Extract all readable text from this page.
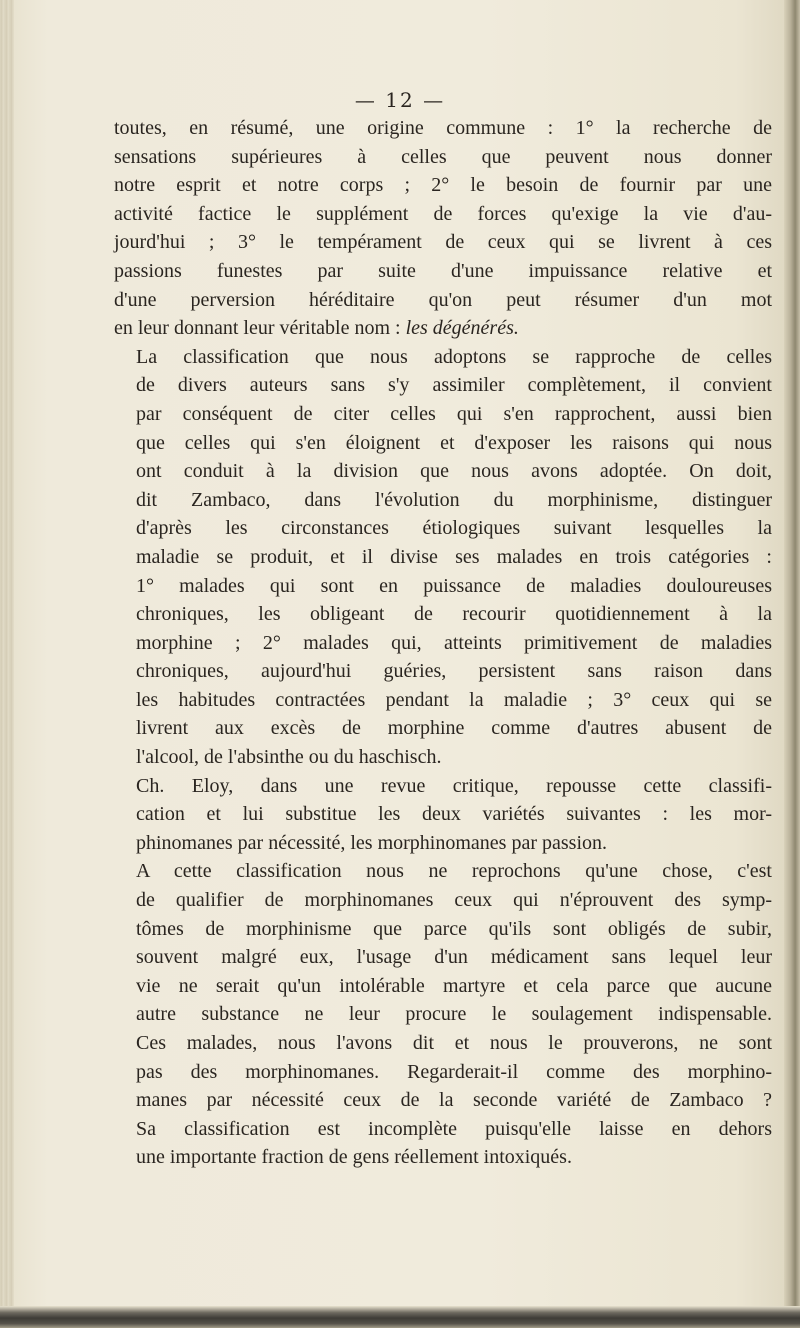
— 12 —

toutes, en résumé, une origine commune : 1° la recherche de
sensations supérieures à celles que peuvent nous donner
notre esprit et notre corps ; 2° le besoin de fournir par une
activité factice le supplément de forces qu'exige la vie d'au-
jourd'hui ; 3° le tempérament de ceux qui se livrent à ces
passions funestes par suite d'une impuissance relative et
d'une perversion héréditaire qu'on peut résumer d'un mot
en leur donnant leur véritable nom : les dégénérés.

La classification que nous adoptons se rapproche de celles
de divers auteurs sans s'y assimiler complètement, il convient
par conséquent de citer celles qui s'en rapprochent, aussi bien
que celles qui s'en éloignent et d'exposer les raisons qui nous
ont conduit à la division que nous avons adoptée. On doit,
dit Zambaco, dans l'évolution du morphinisme, distinguer
d'après les circonstances étiologiques suivant lesquelles la
maladie se produit, et il divise ses malades en trois catégories :
1° malades qui sont en puissance de maladies douloureuses
chroniques, les obligeant de recourir quotidiennement à la
morphine ; 2° malades qui, atteints primitivement de maladies
chroniques, aujourd'hui guéries, persistent sans raison dans
les habitudes contractées pendant la maladie ; 3° ceux qui se
livrent aux excès de morphine comme d'autres abusent de
l'alcool, de l'absinthe ou du haschisch.

Ch. Eloy, dans une revue critique, repousse cette classifi-
cation et lui substitue les deux variétés suivantes : les mor-
phinomanes par nécessité, les morphinomanes par passion.

A cette classification nous ne reprochons qu'une chose, c'est
de qualifier de morphinomanes ceux qui n'éprouvent des symp-
tômes de morphinisme que parce qu'ils sont obligés de subir,
souvent malgré eux, l'usage d'un médicament sans lequel leur
vie ne serait qu'un intolérable martyre et cela parce que aucune
autre substance ne leur procure le soulagement indispensable.
Ces malades, nous l'avons dit et nous le prouverons, ne sont
pas des morphinomanes. Regarderait-il comme des morphino-
manes par nécessité ceux de la seconde variété de Zambaco ?
Sa classification est incomplète puisqu'elle laisse en dehors
une importante fraction de gens réellement intoxiqués.
